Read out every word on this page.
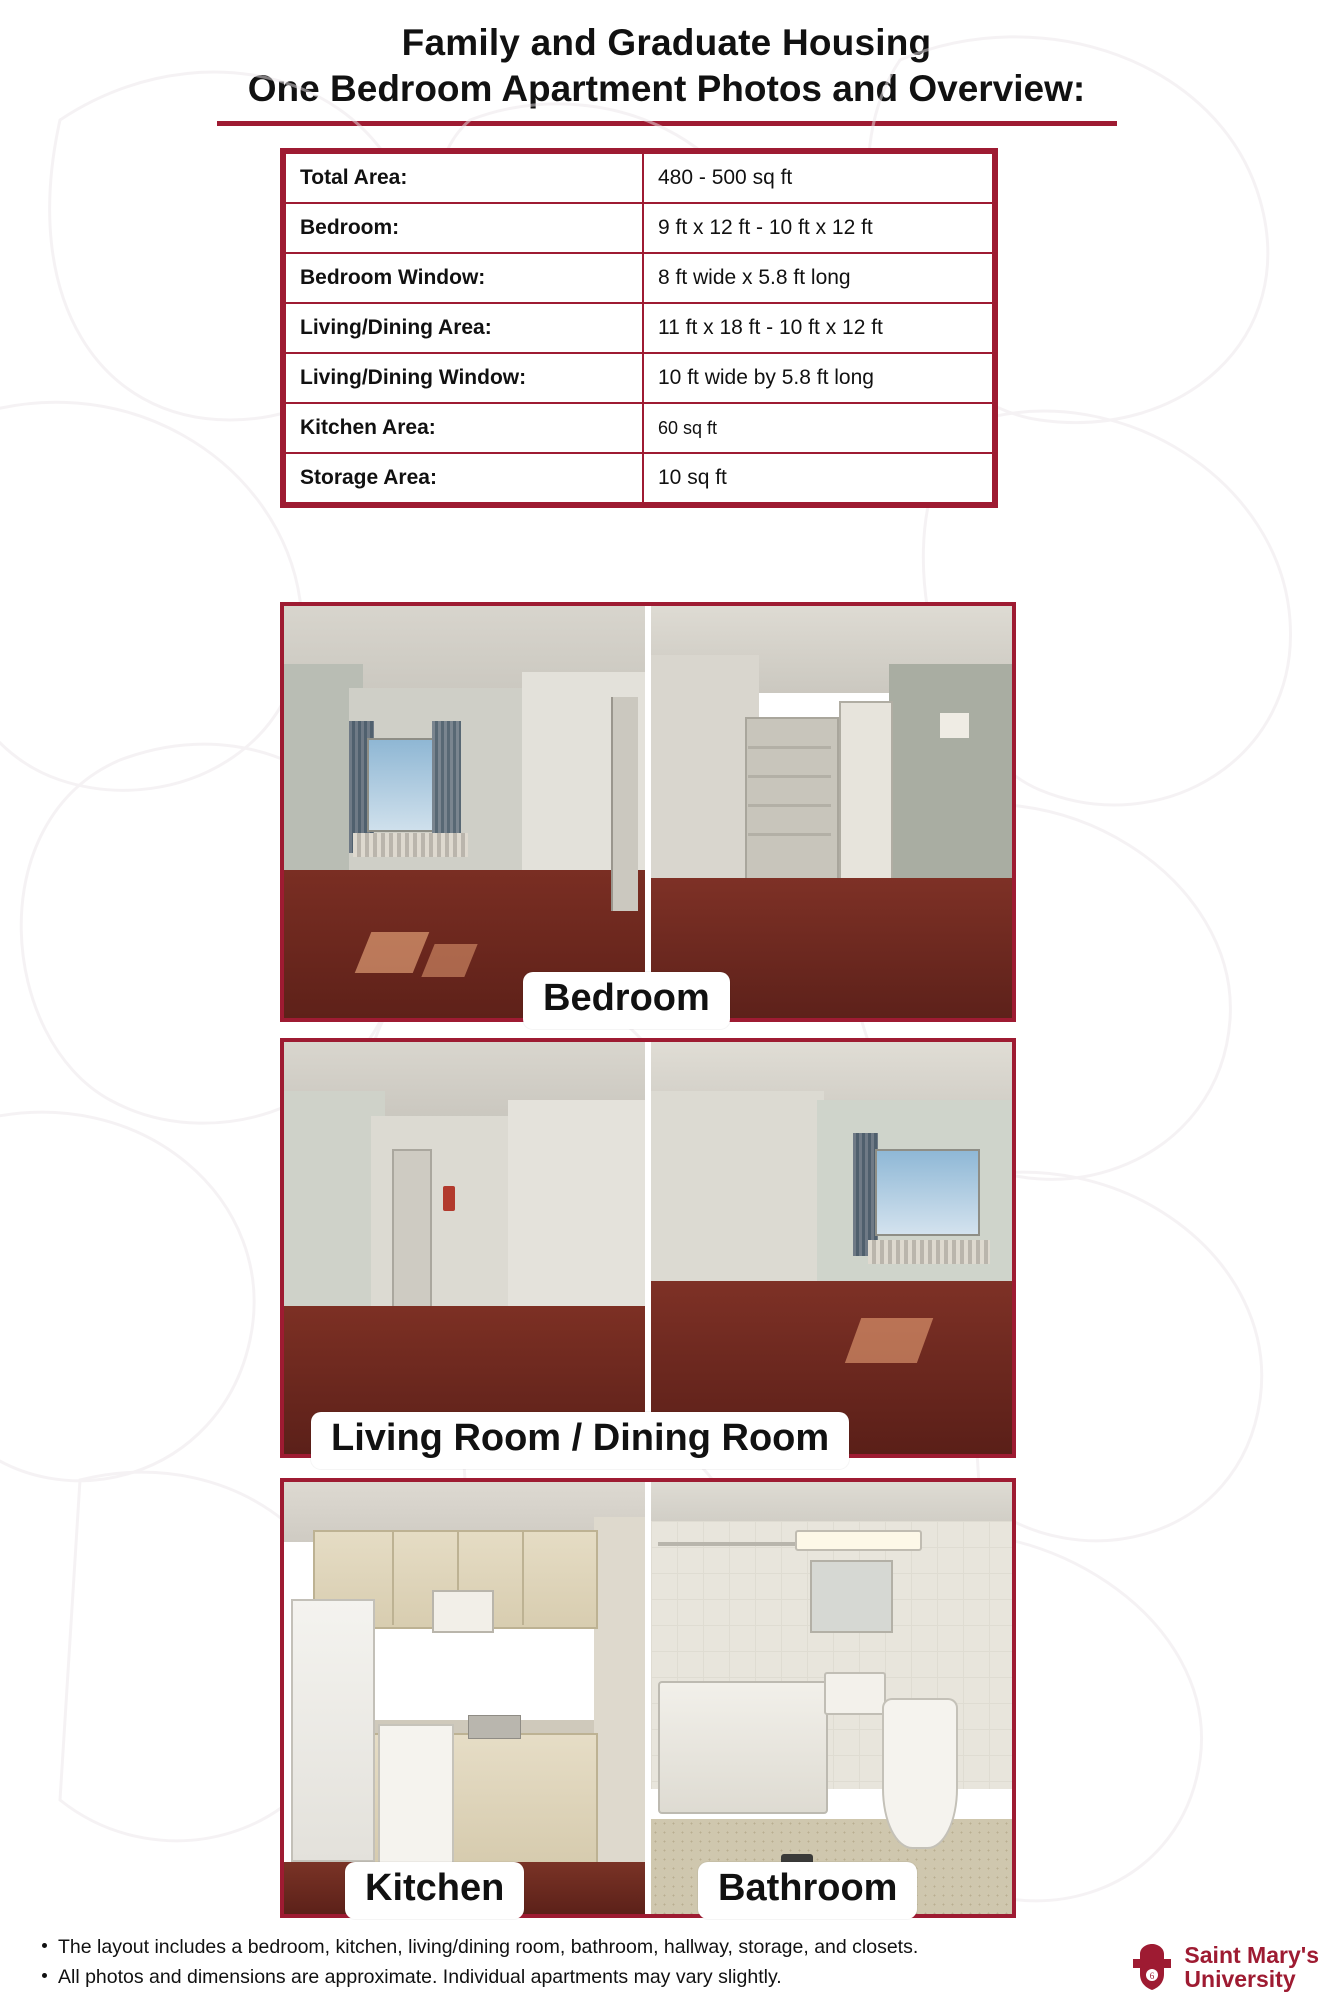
Family and Graduate Housing
One Bedroom Apartment Photos and Overview:
Total Area:	480 - 500 sq ft
Bedroom:	9 ft x 12 ft - 10 ft x 12 ft
Bedroom Window:	8 ft wide x 5.8 ft long
Living/Dining Area:	11 ft x 18 ft - 10 ft x 12 ft
Living/Dining Window:	10 ft wide by 5.8 ft long
Kitchen Area:	60 sq ft
Storage Area:	10 sq ft
Bedroom
Living Room / Dining Room
Kitchen	Bathroom
The layout includes a bedroom, kitchen, living/dining room, bathroom, hallway, storage, and closets.
All photos and dimensions are approximate. Individual apartments may vary slightly.	6
Saint Mary's
University
